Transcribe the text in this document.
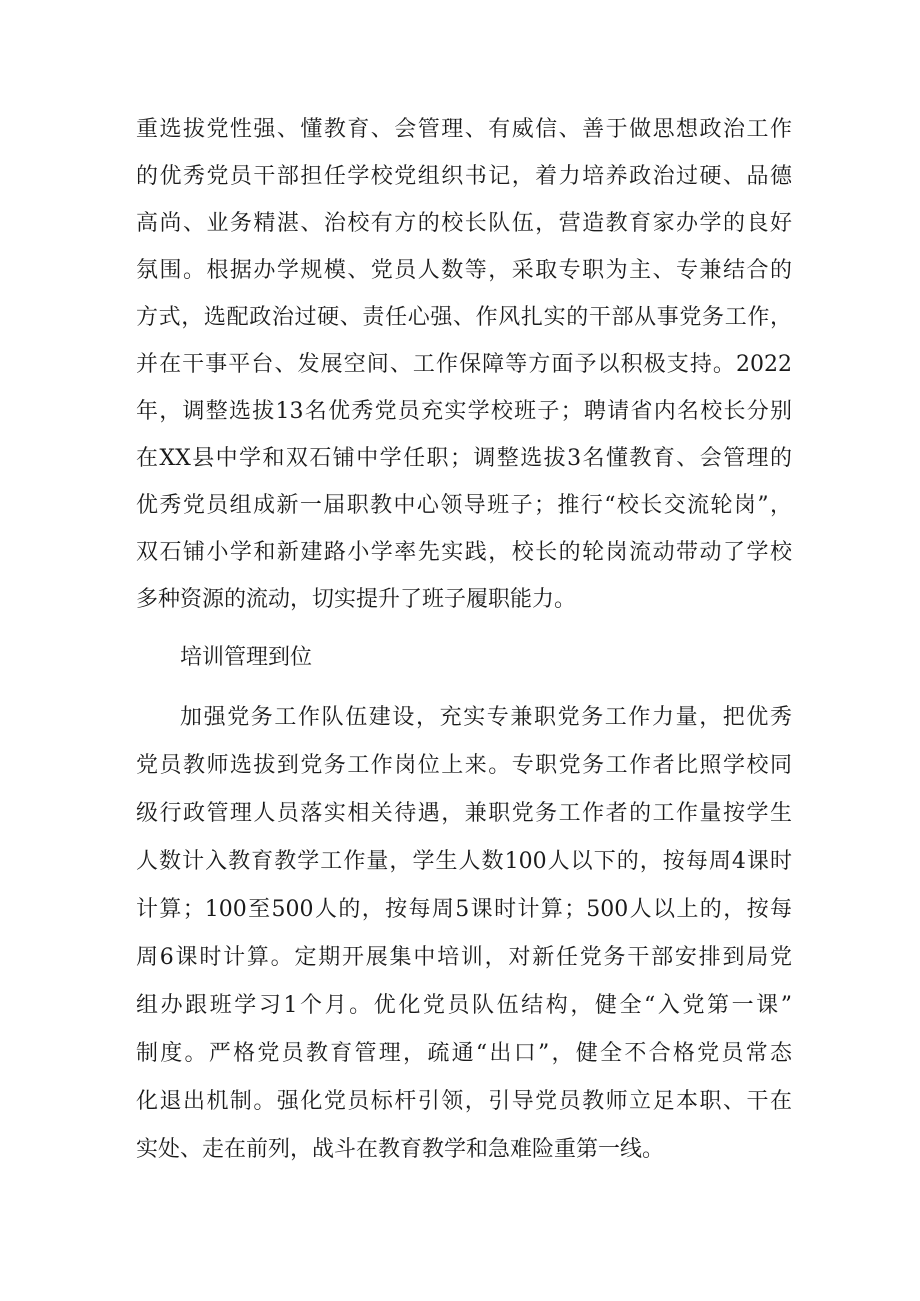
重选拔党性强、懂教育、会管理、有威信、善于做思想政治工作
的优秀党员干部担任学校党组织书记，着力培养政治过硬、品德
高尚、业务精湛、治校有方的校长队伍，营造教育家办学的良好
氛围。根据办学规模、党员人数等，采取专职为主、专兼结合的
方式，选配政治过硬、责任心强、作风扎实的干部从事党务工作，
并在干事平台、发展空间、工作保障等方面予以积极支持。2022
年，调整选拔13名优秀党员充实学校班子；聘请省内名校长分别
在XX县中学和双石铺中学任职；调整选拔3名懂教育、会管理的
优秀党员组成新一届职教中心领导班子；推行“校长交流轮岗”，
双石铺小学和新建路小学率先实践，校长的轮岗流动带动了学校
多种资源的流动，切实提升了班子履职能力。
培训管理到位
加强党务工作队伍建设，充实专兼职党务工作力量，把优秀
党员教师选拔到党务工作岗位上来。专职党务工作者比照学校同
级行政管理人员落实相关待遇，兼职党务工作者的工作量按学生
人数计入教育教学工作量，学生人数100人以下的，按每周4课时
计算；100至500人的，按每周5课时计算；500人以上的，按每
周6课时计算。定期开展集中培训，对新任党务干部安排到局党
组办跟班学习1个月。优化党员队伍结构，健全“入党第一课”
制度。严格党员教育管理，疏通“出口”，健全不合格党员常态
化退出机制。强化党员标杆引领，引导党员教师立足本职、干在
实处、走在前列，战斗在教育教学和急难险重第一线。
